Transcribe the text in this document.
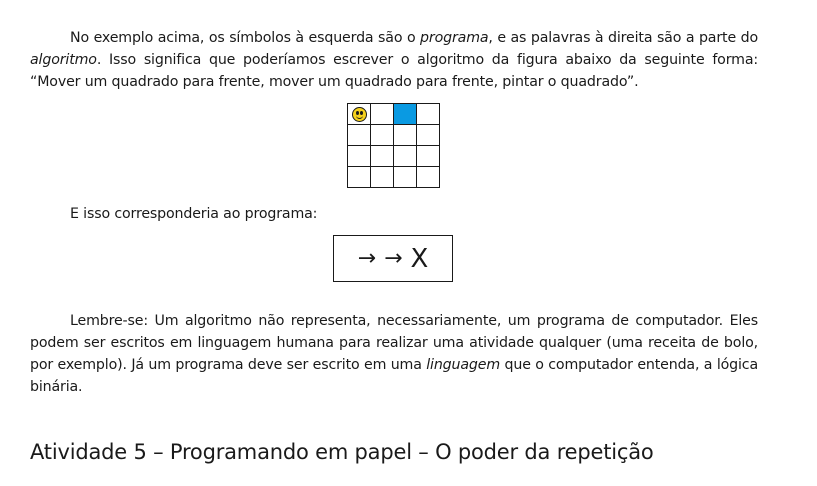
No exemplo acima, os símbolos à esquerda são o programa, e as palavras à direita são a parte do algoritmo. Isso significa que poderíamos escrever o algoritmo da figura abaixo da seguinte forma: “Mover um quadrado para frente, mover um quadrado para frente, pintar o quadrado”.

E isso corresponderia ao programa:

→ → X

Lembre-se: Um algoritmo não representa, necessariamente, um programa de computador. Eles podem ser escritos em linguagem humana para realizar uma atividade qualquer (uma receita de bolo, por exemplo). Já um programa deve ser escrito em uma linguagem que o computador entenda, a lógica binária.

Atividade 5 – Programando em papel – O poder da repetição
